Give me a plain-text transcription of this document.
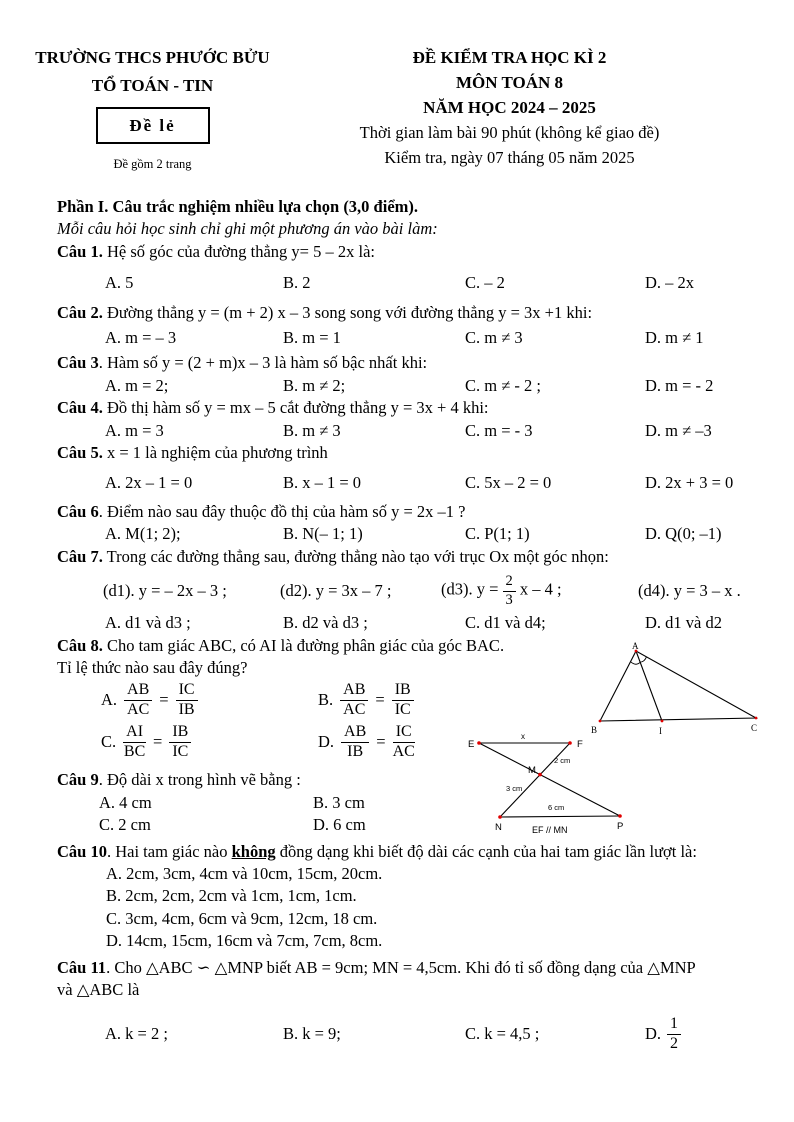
TRƯỜNG THCS PHƯỚC BỬU
TỔ TOÁN - TIN
Đề lẻ
Đề gồm 2 trang
ĐỀ KIỂM TRA HỌC KÌ 2
MÔN TOÁN 8
NĂM HỌC 2024 – 2025
Thời gian làm bài 90 phút (không kể giao đề)
Kiểm tra, ngày 07 tháng 05 năm 2025
Phần I. Câu trắc nghiệm nhiều lựa chọn (3,0 điểm).
Mỗi câu hỏi học sinh chỉ ghi một phương án vào bài làm:
Câu 1. Hệ số góc của đường thẳng y= 5 – 2x là:
A. 5	B. 2	C. – 2	D. – 2x
Câu 2. Đường thẳng y = (m + 2) x – 3 song song với đường thẳng y = 3x +1 khi:
A. m = – 3	B. m = 1	C. m ≠ 3	D. m ≠ 1
Câu 3. Hàm số y = (2 + m)x – 3 là hàm số bậc nhất khi:
A. m = 2;	B. m ≠ 2;	C. m ≠ - 2 ;	D. m = - 2
Câu 4. Đồ thị hàm số y = mx – 5 cắt đường thẳng y = 3x + 4 khi:
A. m = 3	B. m ≠ 3	C. m = - 3	D. m ≠ –3
Câu 5. x = 1 là nghiệm của phương trình
A. 2x – 1 = 0	B. x – 1 = 0	C. 5x – 2 = 0	D. 2x + 3 = 0
Câu 6. Điểm nào sau đây thuộc đồ thị của hàm số y = 2x –1 ?
A. M(1; 2);	B. N(– 1; 1)	C. P(1; 1)	D. Q(0; –1)
Câu 7. Trong các đường thẳng sau, đường thẳng nào tạo với trục Ox một góc nhọn:
(d1). y = – 2x – 3 ;	(d2). y = 3x – 7 ;	(d3). $y = \frac{2}{3}$ x – 4 ;	(d4). y = 3 – x .
A. d1 và d3 ;	B. d2 và d3 ;	C. d1 và d4;	D. d1 và d2
Câu 8. Cho tam giác ABC, có AI là đường phân giác của góc BAC.
Tỉ lệ thức nào sau đây đúng?
A. $\frac{AB}{AC} = \frac{IC}{IB}$	B. $\frac{AB}{AC} = \frac{IB}{IC}$
C. $\frac{AI}{BC} = \frac{IB}{IC}$	D. $\frac{AB}{IB} = \frac{IC}{AC}$
Câu 9. Độ dài x trong hình vẽ bằng :
A. 4 cm	B. 3 cm
C. 2 cm	D. 6 cm
Câu 10. Hai tam giác nào không đồng dạng khi biết độ dài các cạnh của hai tam giác lần lượt là:
A. 2cm, 3cm, 4cm và 10cm, 15cm, 20cm.
B. 2cm, 2cm, 2cm và 1cm, 1cm, 1cm.
C. 3cm, 4cm, 6cm và 9cm, 12cm, 18 cm.
D. 14cm, 15cm, 16cm và 7cm, 7cm, 8cm.
Câu 11. Cho △ABC ∽ △MNP biết AB = 9cm; MN = 4,5cm. Khi đó tỉ số đồng dạng của △MNP
và △ABC là
A. k = 2 ;	B. k = 9;	C. k = 4,5 ;	D. $\frac{1}{2}$
A
B	I	C
E	F
M
N	P
x
2 cm
3 cm
6 cm
EF // MN
